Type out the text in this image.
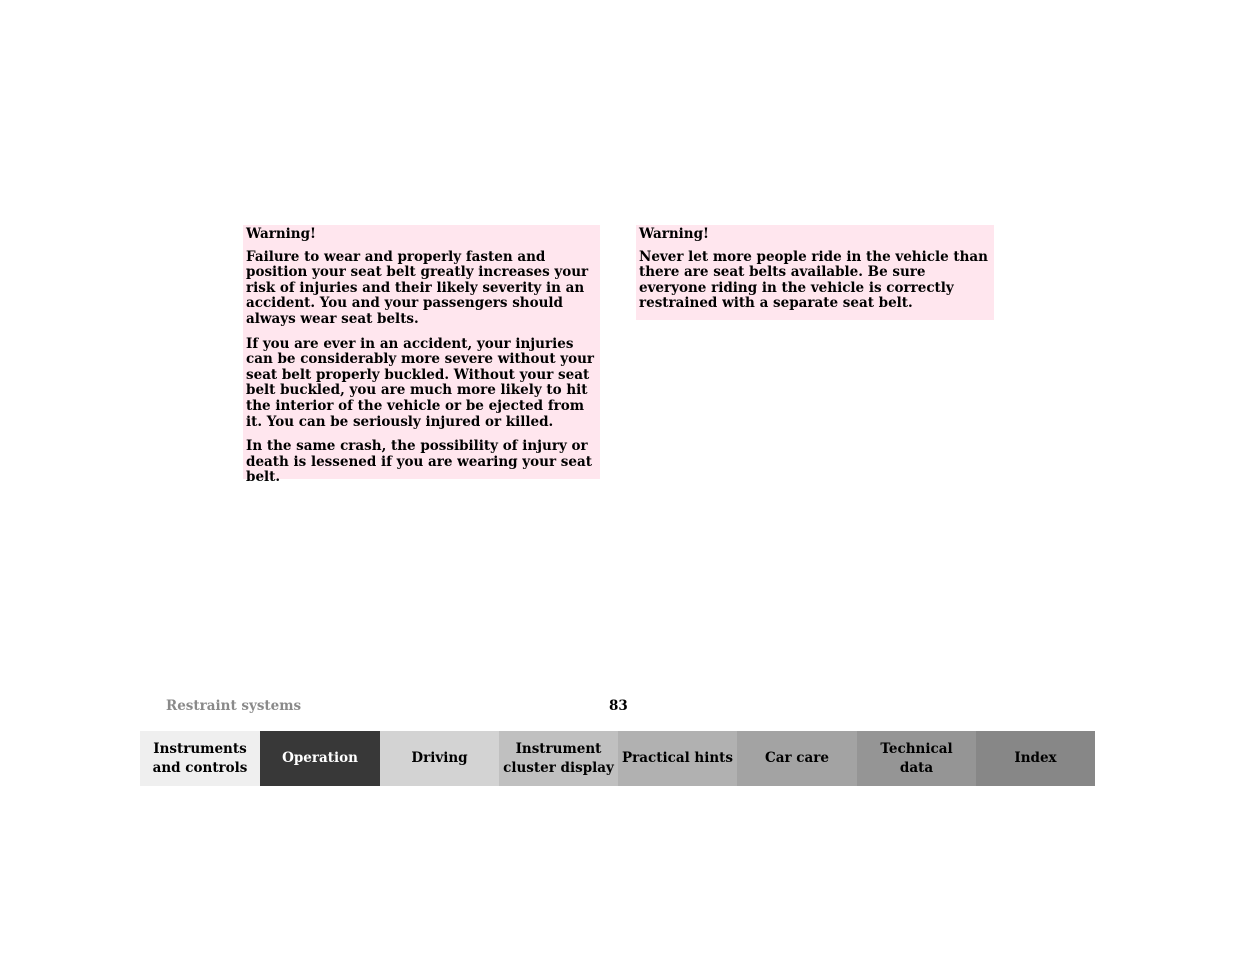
Warning!

Failure to wear and properly fasten and position your seat belt greatly increases your risk of injuries and their likely severity in an accident. You and your passengers should always wear seat belts.

If you are ever in an accident, your injuries can be considerably more severe without your seat belt properly buckled. Without your seat belt buckled, you are much more likely to hit the interior of the vehicle or be ejected from it. You can be seriously injured or killed.

In the same crash, the possibility of injury or death is lessened if you are wearing your seat belt.

Warning!

Never let more people ride in the vehicle than there are seat belts available. Be sure everyone riding in the vehicle is correctly restrained with a separate seat belt.

Restraint systems	83
Instruments
and controls
Operation	Driving
Instrument
cluster display
Practical hints	Car care
Technical
data
Index
